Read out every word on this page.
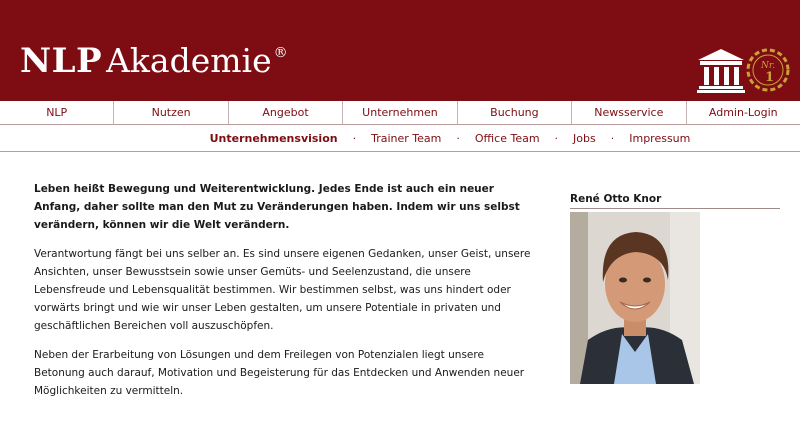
NLP Akademie ®
Nr.
1
NLP	Nutzen	Angebot	Unternehmen	Buchung	Newsservice	Admin-Login
Unternehmensvision · Trainer Team · Office Team · Jobs · Impressum

Leben heißt Bewegung und Weiterentwicklung. Jedes Ende ist auch ein neuer Anfang, daher sollte man den Mut zu Veränderungen haben. Indem wir uns selbst verändern, können wir die Welt verändern.

Verantwortung fängt bei uns selber an. Es sind unsere eigenen Gedanken, unser Geist, unsere Ansichten, unser Bewusstsein sowie unser Gemüts- und Seelenzustand, die unsere Lebensfreude und Lebensqualität bestimmen. Wir bestimmen selbst, was uns hindert oder vorwärts bringt und wie wir unser Leben gestalten, um unsere Potentiale in privaten und geschäftlichen Bereichen voll auszuschöpfen.

Neben der Erarbeitung von Lösungen und dem Freilegen von Potenzialen liegt unsere Betonung auch darauf, Motivation und Begeisterung für das Entdecken und Anwenden neuer Möglichkeiten zu vermitteln.

René Otto Knor
